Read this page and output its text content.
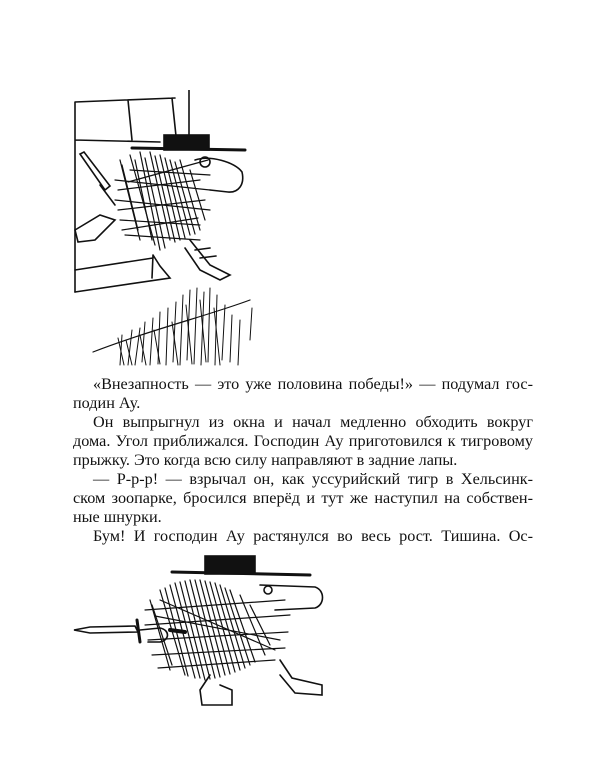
«Внезапность — это уже половина победы!» — подумал гос-
подин Ау.
Он выпрыгнул из окна и начал медленно обходить вокруг
дома. Угол приближался. Господин Ау приготовился к тигровому
прыжку. Это когда всю силу направляют в задние лапы.
— Р-р-р! — взрычал он, как уссурийский тигр в Хельсинк-
ском зоопарке, бросился вперёд и тут же наступил на собствен-
ные шнурки.
Бум! И господин Ау растянулся во весь рост. Тишина. Ос-
